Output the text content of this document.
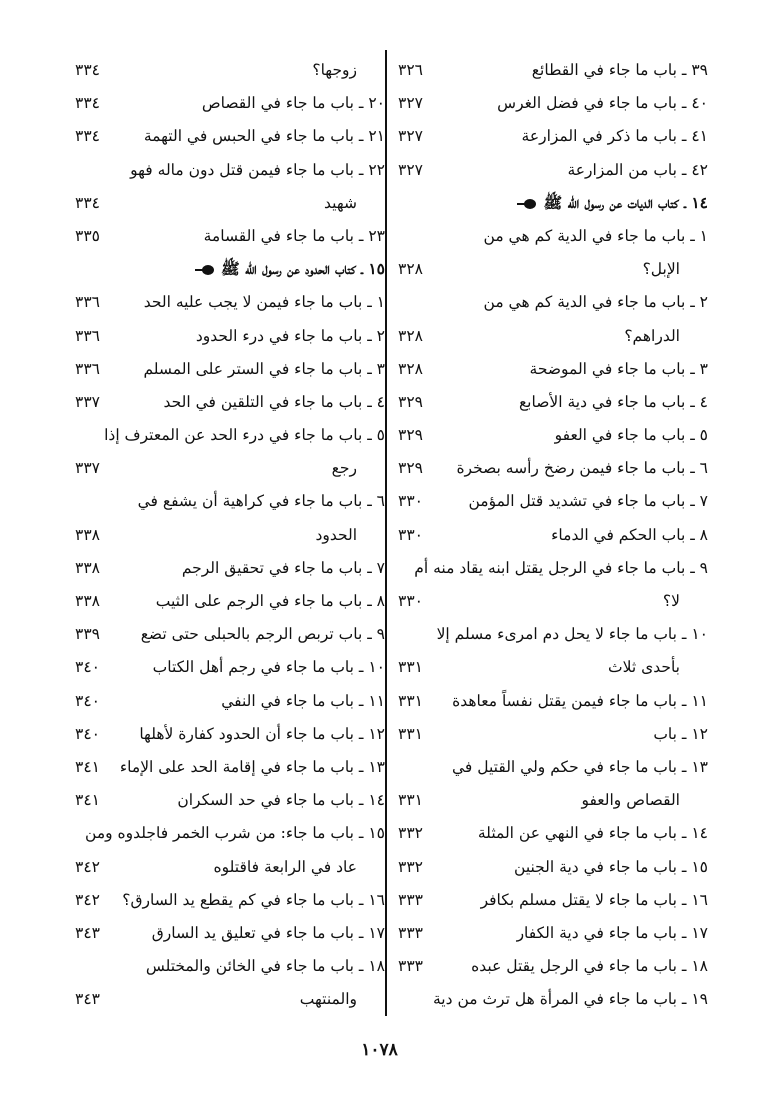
٣٩ ـ باب ما جاء في القطائع
٣٢٦
٤٠ ـ باب ما جاء في فضل الغرس
٣٢٧
٤١ ـ باب ما ذكر في المزارعة
٣٢٧
٤٢ ـ باب من المزارعة
٣٢٧
١٤ ـ كتاب الديات عن رسول الله ﷺ
١ ـ باب ما جاء في الدية كم هي من
الإبل؟
٣٢٨
٢ ـ باب ما جاء في الدية كم هي من
الدراهم؟
٣٢٨
٣ ـ باب ما جاء في الموضحة
٣٢٨
٤ ـ باب ما جاء في دية الأصابع
٣٢٩
٥ ـ باب ما جاء في العفو
٣٢٩
٦ ـ باب ما جاء فيمن رضخ رأسه بصخرة
٣٢٩
٧ ـ باب ما جاء في تشديد قتل المؤمن
٣٣٠
٨ ـ باب الحكم في الدماء
٣٣٠
٩ ـ باب ما جاء في الرجل يقتل ابنه يقاد منه أم
لا؟
٣٣٠
١٠ ـ باب ما جاء لا يحل دم امرىء مسلم إلا
بأحدى ثلاث
٣٣١
١١ ـ باب ما جاء فيمن يقتل نفساً معاهدة
٣٣١
١٢ ـ باب
٣٣١
١٣ ـ باب ما جاء في حكم ولي القتيل في
القصاص والعفو
٣٣١
١٤ ـ باب ما جاء في النهي عن المثلة
٣٣٢
١٥ ـ باب ما جاء في دية الجنين
٣٣٢
١٦ ـ باب ما جاء لا يقتل مسلم بكافر
٣٣٣
١٧ ـ باب ما جاء في دية الكفار
٣٣٣
١٨ ـ باب ما جاء في الرجل يقتل عبده
٣٣٣
١٩ ـ باب ما جاء في المرأة هل ترث من دية
زوجها؟
٣٣٤
٢٠ ـ باب ما جاء في القصاص
٣٣٤
٢١ ـ باب ما جاء في الحبس في التهمة
٣٣٤
٢٢ ـ باب ما جاء فيمن قتل دون ماله فهو
شهيد
٣٣٤
٢٣ ـ باب ما جاء في القسامة
٣٣٥
١٥ ـ كتاب الحدود عن رسول الله ﷺ
١ ـ باب ما جاء فيمن لا يجب عليه الحد
٣٣٦
٢ ـ باب ما جاء في درء الحدود
٣٣٦
٣ ـ باب ما جاء في الستر على المسلم
٣٣٦
٤ ـ باب ما جاء في التلقين في الحد
٣٣٧
٥ ـ باب ما جاء في درء الحد عن المعترف إذا
رجع
٣٣٧
٦ ـ باب ما جاء في كراهية أن يشفع في
الحدود
٣٣٨
٧ ـ باب ما جاء في تحقيق الرجم
٣٣٨
٨ ـ باب ما جاء في الرجم على الثيب
٣٣٨
٩ ـ باب تربص الرجم بالحبلى حتى تضع
٣٣٩
١٠ ـ باب ما جاء في رجم أهل الكتاب
٣٤٠
١١ ـ باب ما جاء في النفي
٣٤٠
١٢ ـ باب ما جاء أن الحدود كفارة لأهلها
٣٤٠
١٣ ـ باب ما جاء في إقامة الحد على الإماء
٣٤١
١٤ ـ باب ما جاء في حد السكران
٣٤١
١٥ ـ باب ما جاء: من شرب الخمر فاجلدوه ومن
عاد في الرابعة فاقتلوه
٣٤٢
١٦ ـ باب ما جاء في كم يقطع يد السارق؟
٣٤٢
١٧ ـ باب ما جاء في تعليق يد السارق
٣٤٣
١٨ ـ باب ما جاء في الخائن والمختلس
والمنتهب
٣٤٣
١٠٧٨
